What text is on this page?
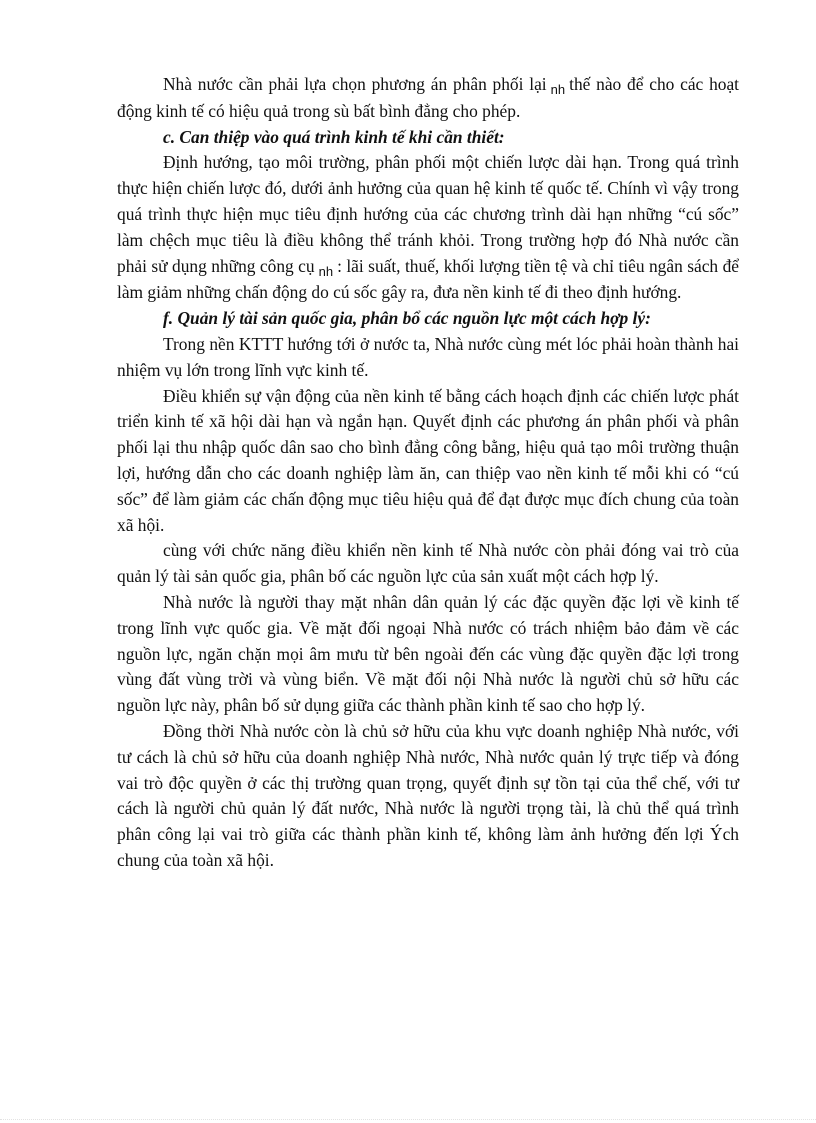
Nhà nước cần phải lựa chọn phương án phân phối lại $_{nh}$ thế nào để cho các hoạt động kinh tế có hiệu quả trong sù bất bình đẳng cho phép.

c. Can thiệp vào quá trình kinh tế khi cần thiết:

Định hướng, tạo môi trường, phân phối một chiến lược dài hạn. Trong quá trình thực hiện chiến lược đó, dưới ảnh hưởng của quan hệ kinh tế quốc tế. Chính vì vậy trong quá trình thực hiện mục tiêu định hướng của các chương trình dài hạn những “cú sốc” làm chệch mục tiêu là điều không thể tránh khỏi. Trong trường hợp đó Nhà nước cần phải sử dụng những công cụ $_{nh}$ : lãi suất, thuế, khối lượng tiền tệ và chỉ tiêu ngân sách để làm giảm những chấn động do cú sốc gây ra, đưa nền kinh tế đi theo định hướng.

f. Quản lý tài sản quốc gia, phân bổ các nguồn lực một cách hợp lý:

Trong nền KTTT hướng tới ở nước ta, Nhà nước cùng mét lóc phải hoàn thành hai nhiệm vụ lớn trong lĩnh vực kinh tế.

Điều khiển sự vận động của nền kinh tế bằng cách hoạch định các chiến lược phát triển kinh tế xã hội dài hạn và ngắn hạn. Quyết định các phương án phân phối và phân phối lại thu nhập quốc dân sao cho bình đẳng công bằng, hiệu quả tạo môi trường thuận lợi, hướng dẫn cho các doanh nghiệp làm ăn, can thiệp vao nền kinh tế mỗi khi có “cú sốc” để làm giảm các chấn động mục tiêu hiệu quả để đạt được mục đích chung của toàn xã hội.

cùng với chức năng điều khiển nền kinh tế Nhà nước còn phải đóng vai trò của quản lý tài sản quốc gia, phân bố các nguồn lực của sản xuất một cách hợp lý.

Nhà nước là người thay mặt nhân dân quản lý các đặc quyền đặc lợi về kinh tế trong lĩnh vực quốc gia. Về mặt đối ngoại Nhà nước có trách nhiệm bảo đảm về các nguồn lực, ngăn chặn mọi âm mưu từ bên ngoài đến các vùng đặc quyền đặc lợi trong vùng đất vùng trời và vùng biển. Về mặt đối nội Nhà nước là người chủ sở hữu các nguồn lực này, phân bố sử dụng giữa các thành phần kinh tế sao cho hợp lý.

Đồng thời Nhà nước còn là chủ sở hữu của khu vực doanh nghiệp Nhà nước, với tư cách là chủ sở hữu của doanh nghiệp Nhà nước, Nhà nước quản lý trực tiếp và đóng vai trò độc quyền ở các thị trường quan trọng, quyết định sự tồn tại của thể chế, với tư cách là người chủ quản lý đất nước, Nhà nước là người trọng tài, là chủ thể quá trình phân công lại vai trò giữa các thành phần kinh tế, không làm ảnh hưởng đến lợi Ých chung của toàn xã hội.
